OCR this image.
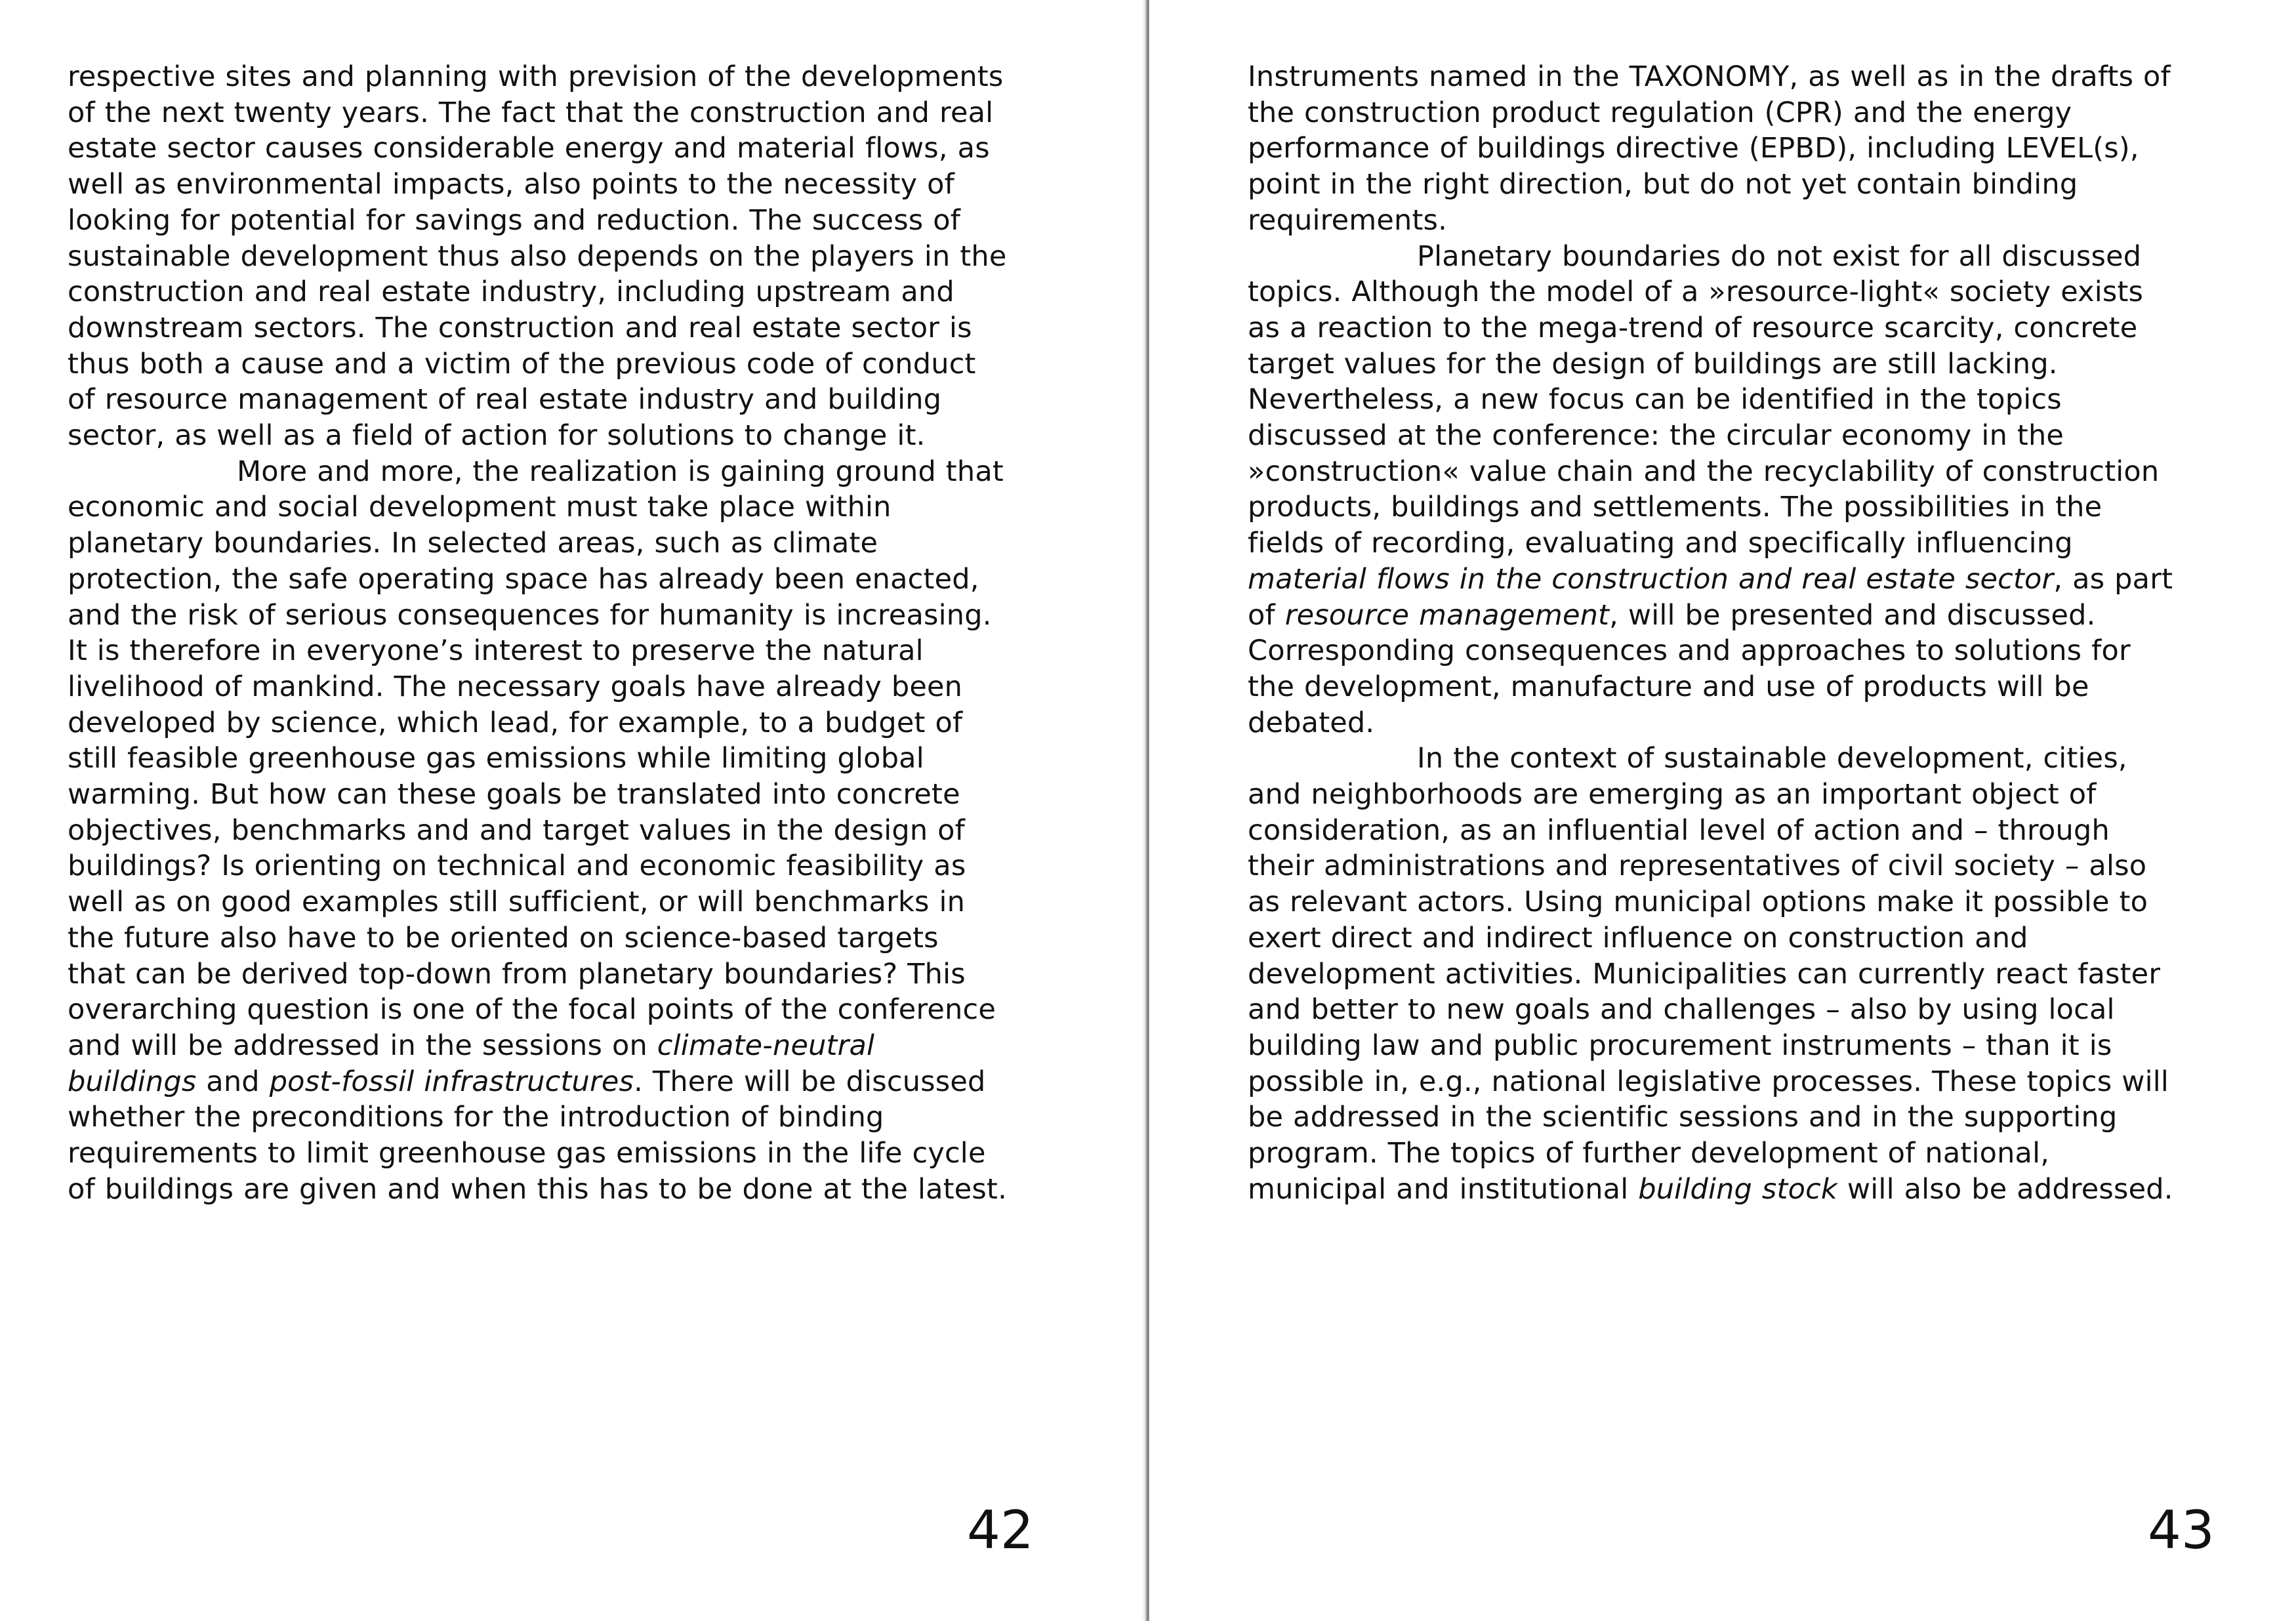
respective sites and planning with prevision of the developments
of the next twenty years. The fact that the construction and real
estate sector causes considerable energy and material flows, as
well as environmental impacts, also points to the necessity of
looking for potential for savings and reduction. The success of
sustainable development thus also depends on the players in the
construction and real estate industry, including upstream and
downstream sectors. The construction and real estate sector is
thus both a cause and a victim of the previous code of conduct
of resource management of real estate industry and building
sector, as well as a field of action for solutions to change it.
More and more, the realization is gaining ground that
economic and social development must take place within
planetary boundaries. In selected areas, such as climate
protection, the safe operating space has already been enacted,
and the risk of serious consequences for humanity is increasing.
It is therefore in everyone’s interest to preserve the natural
livelihood of mankind. The necessary goals have already been
developed by science, which lead, for example, to a budget of
still feasible greenhouse gas emissions while limiting global
warming. But how can these goals be translated into concrete
objectives, benchmarks and and target values in the design of
buildings? Is orienting on technical and economic feasibility as
well as on good examples still sufficient, or will benchmarks in
the future also have to be oriented on science-based targets
that can be derived top-down from planetary boundaries? This
overarching question is one of the focal points of the conference
and will be addressed in the sessions on climate-neutral
buildings and post-fossil infrastructures. There will be discussed
whether the preconditions for the introduction of binding
requirements to limit greenhouse gas emissions in the life cycle
of buildings are given and when this has to be done at the latest.
42
Instruments named in the TAXONOMY, as well as in the drafts of
the construction product regulation (CPR) and the energy
performance of buildings directive (EPBD), including LEVEL(s),
point in the right direction, but do not yet contain binding
requirements.
Planetary boundaries do not exist for all discussed
topics. Although the model of a »resource-light« society exists
as a reaction to the mega-trend of resource scarcity, concrete
target values for the design of buildings are still lacking.
Nevertheless, a new focus can be identified in the topics
discussed at the conference: the circular economy in the
»construction« value chain and the recyclability of construction
products, buildings and settlements. The possibilities in the
fields of recording, evaluating and specifically influencing
material flows in the construction and real estate sector, as part
of resource management, will be presented and discussed.
Corresponding consequences and approaches to solutions for
the development, manufacture and use of products will be
debated.
In the context of sustainable development, cities,
and neighborhoods are emerging as an important object of
consideration, as an influential level of action and – through
their administrations and representatives of civil society – also
as relevant actors. Using municipal options make it possible to
exert direct and indirect influence on construction and
development activities. Municipalities can currently react faster
and better to new goals and challenges – also by using local
building law and public procurement instruments – than it is
possible in, e.g., national legislative processes. These topics will
be addressed in the scientific sessions and in the supporting
program. The topics of further development of national,
municipal and institutional building stock will also be addressed.
43
